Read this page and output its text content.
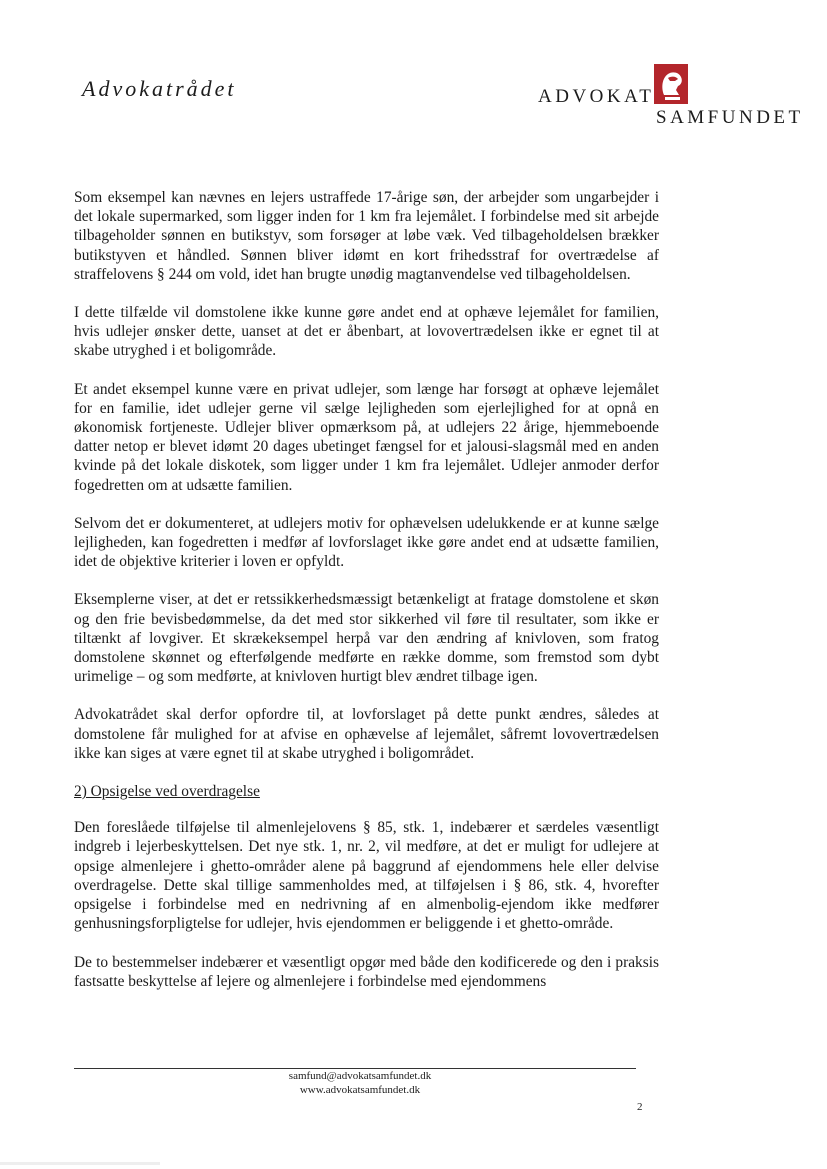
Advokatrådet	ADVOKAT
SAMFUNDET

Som eksempel kan nævnes en lejers ustraffede 17-årige søn, der arbejder som ungarbejder i det lokale supermarked, som ligger inden for 1 km fra lejemålet. I forbindelse med sit arbejde tilbageholder sønnen en butikstyv, som forsøger at løbe væk. Ved tilbageholdelsen brækker butikstyven et håndled. Sønnen bliver idømt en kort frihedsstraf for overtrædelse af straffelovens § 244 om vold, idet han brugte unødig magtanvendelse ved tilbageholdelsen.

I dette tilfælde vil domstolene ikke kunne gøre andet end at ophæve lejemålet for familien, hvis udlejer ønsker dette, uanset at det er åbenbart, at lovovertrædelsen ikke er egnet til at skabe utryghed i et boligområde.

Et andet eksempel kunne være en privat udlejer, som længe har forsøgt at ophæve lejemålet for en familie, idet udlejer gerne vil sælge lejligheden som ejerlejlighed for at opnå en økonomisk fortjeneste. Udlejer bliver opmærksom på, at udlejers 22 årige, hjemmeboende datter netop er blevet idømt 20 dages ubetinget fængsel for et jalousi-slagsmål med en anden kvinde på det lokale diskotek, som ligger under 1 km fra lejemålet. Udlejer anmoder derfor fogedretten om at udsætte familien.

Selvom det er dokumenteret, at udlejers motiv for ophævelsen udelukkende er at kunne sælge lejligheden, kan fogedretten i medfør af lovforslaget ikke gøre andet end at udsætte familien, idet de objektive kriterier i loven er opfyldt.

Eksemplerne viser, at det er retssikkerhedsmæssigt betænkeligt at fratage domstolene et skøn og den frie bevisbedømmelse, da det med stor sikkerhed vil føre til resultater, som ikke er tiltænkt af lovgiver. Et skrækeksempel herpå var den ændring af knivloven, som fratog domstolene skønnet og efterfølgende medførte en række domme, som fremstod som dybt urimelige – og som medførte, at knivloven hurtigt blev ændret tilbage igen.

Advokatrådet skal derfor opfordre til, at lovforslaget på dette punkt ændres, således at domstolene får mulighed for at afvise en ophævelse af lejemålet, såfremt lovovertrædelsen ikke kan siges at være egnet til at skabe utryghed i boligområdet.

2) Opsigelse ved overdragelse

Den foreslåede tilføjelse til almenlejelovens § 85, stk. 1, indebærer et særdeles væsentligt indgreb i lejerbeskyttelsen. Det nye stk. 1, nr. 2, vil medføre, at det er muligt for udlejere at opsige almenlejere i ghetto-områder alene på baggrund af ejendommens hele eller delvise overdragelse. Dette skal tillige sammenholdes med, at tilføjelsen i § 86, stk. 4, hvorefter opsigelse i forbindelse med en nedrivning af en almenbolig-ejendom ikke medfører genhusningsforpligtelse for udlejer, hvis ejendommen er beliggende i et ghetto-område.

De to bestemmelser indebærer et væsentligt opgør med både den kodificerede og den i praksis fastsatte beskyttelse af lejere og almenlejere i forbindelse med ejendommens

samfund@advokatsamfundet.dk
www.advokatsamfundet.dk
2
